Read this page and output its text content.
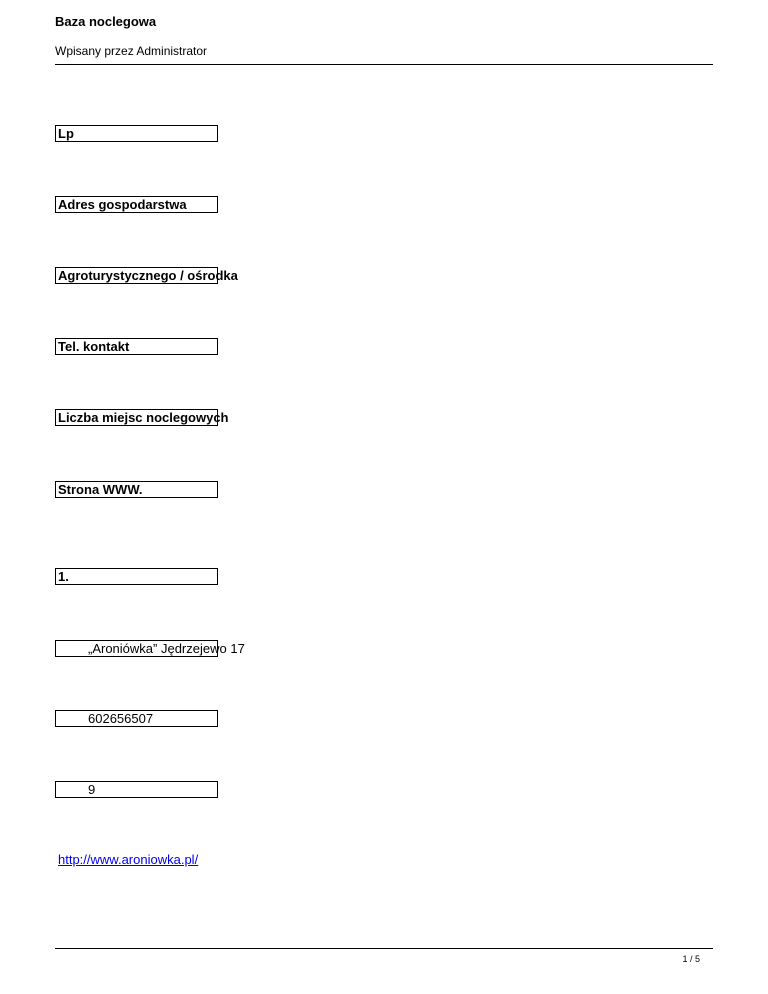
Baza noclegowa
Wpisany przez Administrator
Lp
Adres gospodarstwa
Agroturystycznego / ośrodka
Tel. kontakt
Liczba miejsc noclegowych
Strona WWW.
1.
„Aroniówka” Jędrzejewo 17
602656507
9
http://www.aroniowka.pl/
1 / 5
